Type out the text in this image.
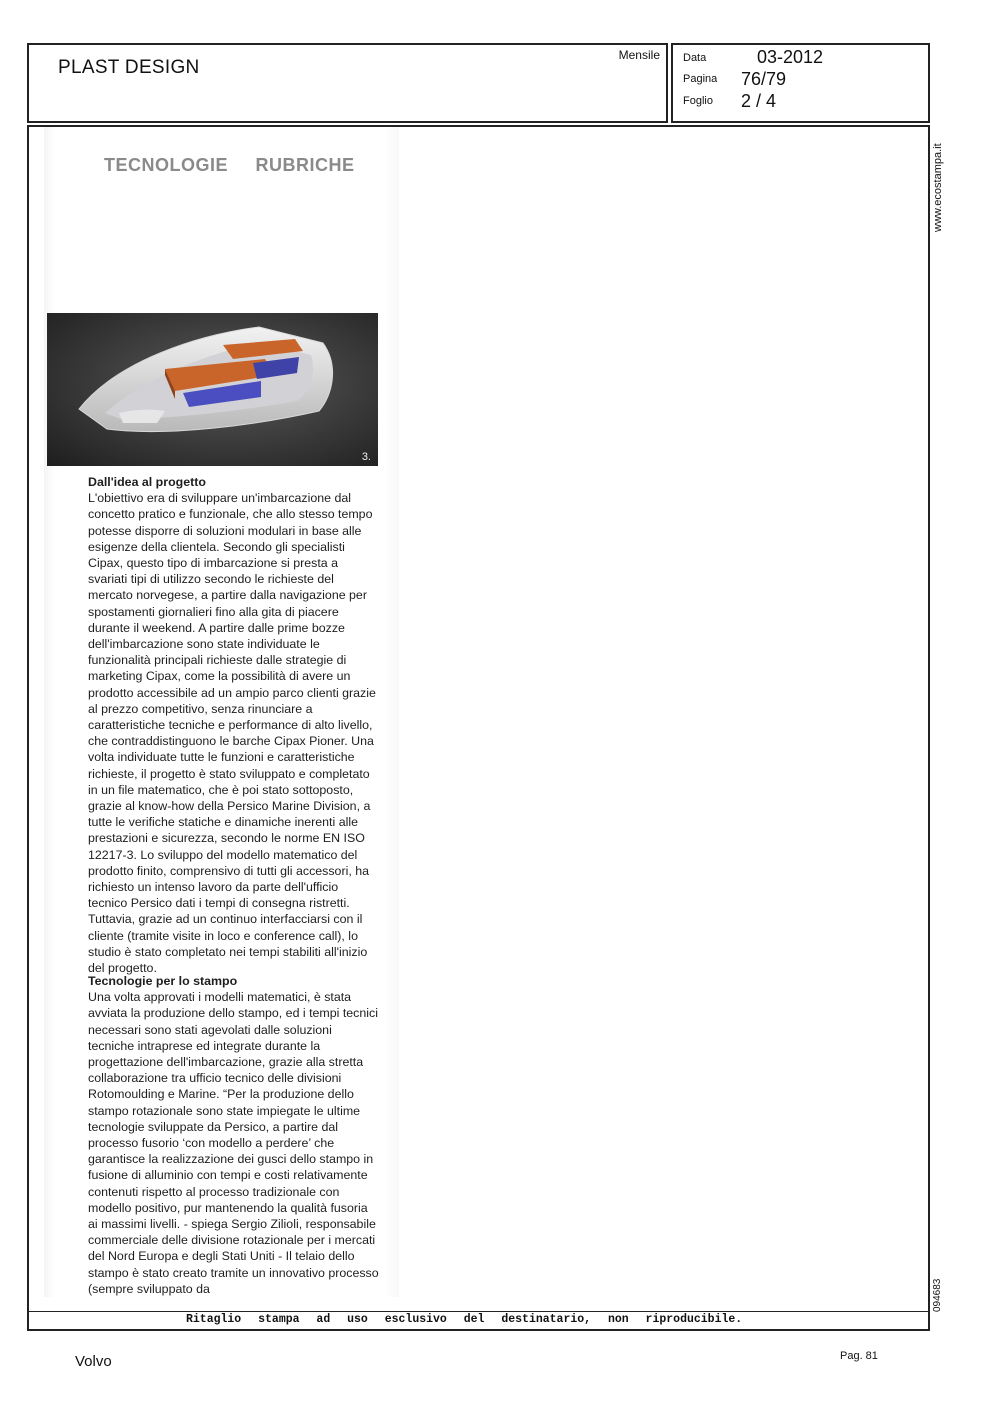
PLAST DESIGN
Mensile Data	03-2012
Pagina 76/79
Foglio 2 / 4
TECNOLOGIE RUBRICHE
3.

Dall'idea al progetto

L'obiettivo era di sviluppare un'imbarcazione dal concetto pratico e funzionale, che allo stesso tempo potesse disporre di soluzioni modulari in base alle esigenze della clientela. Secondo gli specialisti Cipax, questo tipo di imbarcazione si presta a svariati tipi di utilizzo secondo le richieste del mercato norvegese, a partire dalla navigazione per spostamenti giornalieri fino alla gita di piacere durante il weekend. A partire dalle prime bozze dell'imbarcazione sono state individuate le funzionalità principali richieste dalle strategie di marketing Cipax, come la possibilità di avere un prodotto accessibile ad un ampio parco clienti grazie al prezzo competitivo, senza rinunciare a caratteristiche tecniche e performance di alto livello, che contraddistinguono le barche Cipax Pioner. Una volta individuate tutte le funzioni e caratteristiche richieste, il progetto è stato sviluppato e completato in un file matematico, che è poi stato sottoposto, grazie al know-how della Persico Marine Division, a tutte le verifiche statiche e dinamiche inerenti alle prestazioni e sicurezza, secondo le norme EN ISO 12217-3. Lo sviluppo del modello matematico del prodotto finito, comprensivo di tutti gli accessori, ha richiesto un intenso lavoro da parte dell'ufficio tecnico Persico dati i tempi di consegna ristretti. Tuttavia, grazie ad un continuo interfacciarsi con il cliente (tramite visite in loco e conference call), lo studio è stato completato nei tempi stabiliti all'inizio del progetto.

Tecnologie per lo stampo

Una volta approvati i modelli matematici, è stata avviata la produzione dello stampo, ed i tempi tecnici necessari sono stati agevolati dalle soluzioni tecniche intraprese ed integrate durante la progettazione dell'imbarcazione, grazie alla stretta collaborazione tra ufficio tecnico delle divisioni Rotomoulding e Marine. “Per la produzione dello stampo rotazionale sono state impiegate le ultime tecnologie sviluppate da Persico, a partire dal processo fusorio ‘con modello a perdere’ che garantisce la realizzazione dei gusci dello stampo in fusione di alluminio con tempi e costi relativamente contenuti rispetto al processo tradizionale con modello positivo, pur mantenendo la qualità fusoria ai massimi livelli. - spiega Sergio Zilioli, responsabile commerciale delle divisione rotazionale per i mercati del Nord Europa e degli Stati Uniti - Il telaio dello stampo è stato creato tramite un innovativo processo (sempre sviluppato da

www.ecostampa.it
094683
Ritaglio stampa ad uso esclusivo del destinatario, non riproducibile.
Volvo	Pag. 81
